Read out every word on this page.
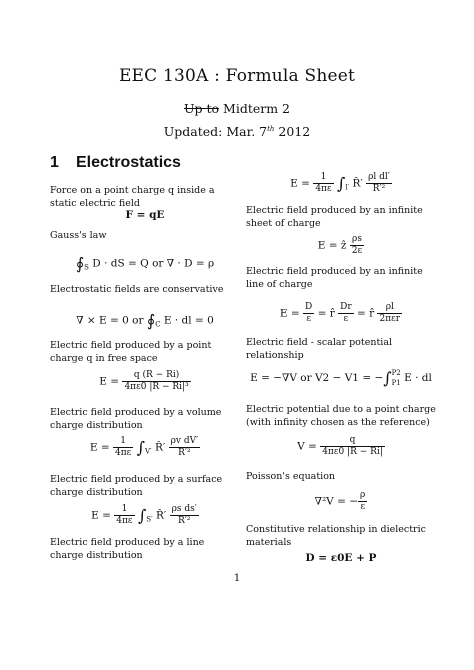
EEC 130A : Formula Sheet
Up to Midterm 2
Updated: Mar. 7th 2012
1 Electrostatics
Force on a point charge q inside a static electric field
F = qE
Gauss's law
$∮_S$ D · dS = Q or ∇ · D = ρ
Electrostatic fields are conservative
∇ × E = 0 or $∮_C$ E · dl = 0
Electric field produced by a point charge q in free space
$E = \frac{q (R - Ri)}{\text{4πε0 |R − Ri|³}}$
Electric field produced by a volume charge distribution
$E = \frac{1}{4\pi\varepsilon} \int_{V'}$ R̂′ $\frac{\text{ρv dV′}}{\text{R′²}}$
Electric field produced by a surface charge distribution
$E = \frac{1}{4\pi\varepsilon} \int_{S'}$ R̂′ $\frac{\text{ρs ds′}}{\text{R′²}}$
Electric field produced by a line charge distribution
$E = \frac{1}{4\pi\varepsilon} \int_{l'}$ R̂′ $\frac{\text{ρl dl′}}{\text{R′²}}$
Electric field produced by an infinite sheet of charge
E = ẑ $\frac{\rho s}{2\varepsilon}$
Electric field produced by an infinite line of charge
$E = \frac{D}{\varepsilon}$ = r̂ $\frac{Dr}{\varepsilon}$ = r̂ $\frac{\rho l}{\text{2πεr}}$
Electric field - scalar potential relationship
E = −∇V or V2 − V1 = −∫ P2
P1 E · dl
Electric potential due to a point charge (with infinity chosen as the reference)
$V = \frac{q}{4\pi\varepsilon 0 |R - Ri|}$
Poisson's equation
∇²V = − $\frac{\rho}{\varepsilon}$
Constitutive relationship in dielectric materials
D = ε0E + P
1
